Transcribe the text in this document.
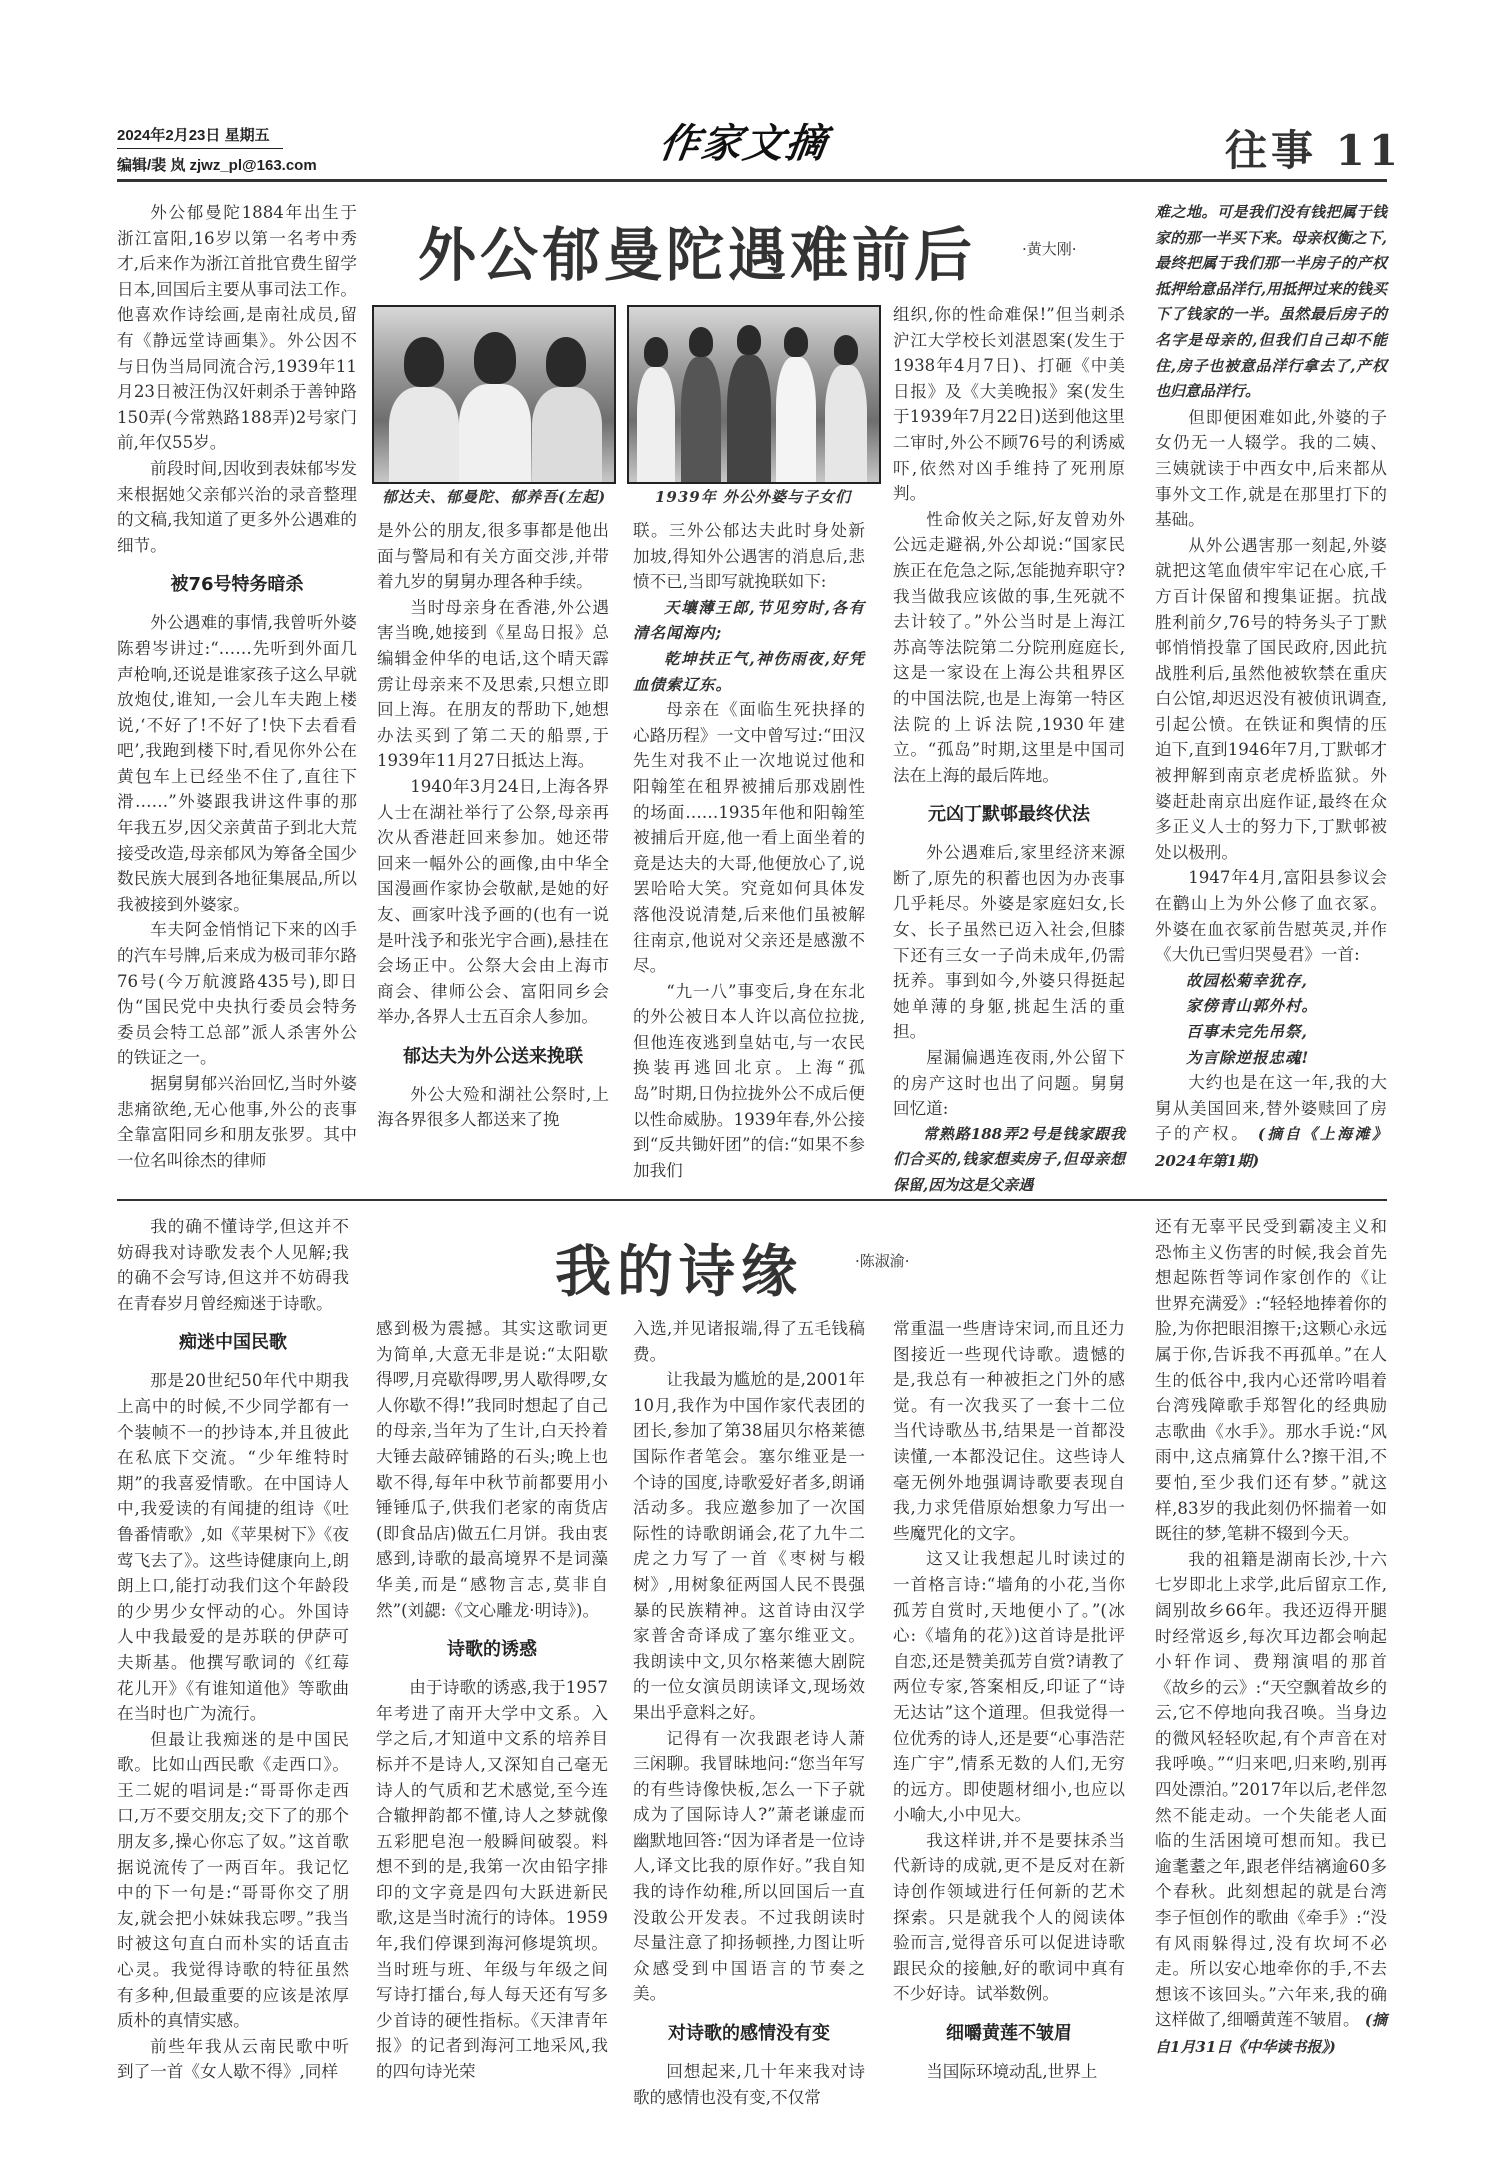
2024年2月23日 星期五
编辑/裴 岚 zjwz_pl@163.com	作家文摘	往事 11
外公郁曼陀遇难前后	·黄大刚·

外公郁曼陀1884年出生于浙江富阳,16岁以第一名考中秀才,后来作为浙江首批官费生留学日本,回国后主要从事司法工作。他喜欢作诗绘画,是南社成员,留有《静远堂诗画集》。外公因不与日伪当局同流合污,1939年11月23日被汪伪汉奸刺杀于善钟路150弄(今常熟路188弄)2号家门前,年仅55岁。

前段时间,因收到表妹郁岑发来根据她父亲郁兴治的录音整理的文稿,我知道了更多外公遇难的细节。

被76号特务暗杀

外公遇难的事情,我曾听外婆陈碧岑讲过:“……先听到外面几声枪响,还说是谁家孩子这么早就放炮仗,谁知,一会儿车夫跑上楼说,‘不好了!不好了!快下去看看吧’,我跑到楼下时,看见你外公在黄包车上已经坐不住了,直往下滑……”外婆跟我讲这件事的那年我五岁,因父亲黄苗子到北大荒接受改造,母亲郁风为筹备全国少数民族大展到各地征集展品,所以我被接到外婆家。

车夫阿金悄悄记下来的凶手的汽车号牌,后来成为极司菲尔路76号(今万航渡路435号),即日伪“国民党中央执行委员会特务委员会特工总部”派人杀害外公的铁证之一。

据舅舅郁兴治回忆,当时外婆悲痛欲绝,无心他事,外公的丧事全靠富阳同乡和朋友张罗。其中一位名叫徐杰的律师

郁达夫、郁曼陀、郁养吾(左起)	1939年 外公外婆与子女们

是外公的朋友,很多事都是他出面与警局和有关方面交涉,并带着九岁的舅舅办理各种手续。

当时母亲身在香港,外公遇害当晚,她接到《星岛日报》总编辑金仲华的电话,这个晴天霹雳让母亲来不及思索,只想立即回上海。在朋友的帮助下,她想办法买到了第二天的船票,于1939年11月27日抵达上海。

1940年3月24日,上海各界人士在湖社举行了公祭,母亲再次从香港赶回来参加。她还带回来一幅外公的画像,由中华全国漫画作家协会敬献,是她的好友、画家叶浅予画的(也有一说是叶浅予和张光宇合画),悬挂在会场正中。公祭大会由上海市商会、律师公会、富阳同乡会举办,各界人士五百余人参加。

郁达夫为外公送来挽联

外公大殓和湖社公祭时,上海各界很多人都送来了挽

联。三外公郁达夫此时身处新加坡,得知外公遇害的消息后,悲愤不已,当即写就挽联如下:

天壤薄王郎,节见穷时,各有清名闻海内;

乾坤扶正气,神伤雨夜,好凭血债索辽东。

母亲在《面临生死抉择的心路历程》一文中曾写过:“田汉先生对我不止一次地说过他和阳翰笙在租界被捕后那戏剧性的场面……1935年他和阳翰笙被捕后开庭,他一看上面坐着的竟是达夫的大哥,他便放心了,说罢哈哈大笑。究竟如何具体发落他没说清楚,后来他们虽被解往南京,他说对父亲还是感激不尽。

“九一八”事变后,身在东北的外公被日本人许以高位拉拢,但他连夜逃到皇姑屯,与一农民换装再逃回北京。上海“孤岛”时期,日伪拉拢外公不成后便以性命威胁。1939年春,外公接到“反共锄奸团”的信:“如果不参加我们

组织,你的性命难保!”但当刺杀沪江大学校长刘湛恩案(发生于1938年4月7日)、打砸《中美日报》及《大美晚报》案(发生于1939年7月22日)送到他这里二审时,外公不顾76号的利诱威吓,依然对凶手维持了死刑原判。

性命攸关之际,好友曾劝外公远走避祸,外公却说:“国家民族正在危急之际,怎能抛弃职守?我当做我应该做的事,生死就不去计较了。”外公当时是上海江苏高等法院第二分院刑庭庭长,这是一家设在上海公共租界区的中国法院,也是上海第一特区法院的上诉法院,1930年建立。“孤岛”时期,这里是中国司法在上海的最后阵地。

元凶丁默邨最终伏法

外公遇难后,家里经济来源断了,原先的积蓄也因为办丧事几乎耗尽。外婆是家庭妇女,长女、长子虽然已迈入社会,但膝下还有三女一子尚未成年,仍需抚养。事到如今,外婆只得挺起她单薄的身躯,挑起生活的重担。

屋漏偏遇连夜雨,外公留下的房产这时也出了问题。舅舅回忆道:

常熟路188弄2号是钱家跟我们合买的,钱家想卖房子,但母亲想保留,因为这是父亲遇

难之地。可是我们没有钱把属于钱家的那一半买下来。母亲权衡之下,最终把属于我们那一半房子的产权抵押给意品洋行,用抵押过来的钱买下了钱家的一半。虽然最后房子的名字是母亲的,但我们自己却不能住,房子也被意品洋行拿去了,产权也归意品洋行。

但即便困难如此,外婆的子女仍无一人辍学。我的二姨、三姨就读于中西女中,后来都从事外文工作,就是在那里打下的基础。

从外公遇害那一刻起,外婆就把这笔血债牢牢记在心底,千方百计保留和搜集证据。抗战胜利前夕,76号的特务头子丁默邨悄悄投靠了国民政府,因此抗战胜利后,虽然他被软禁在重庆白公馆,却迟迟没有被侦讯调查,引起公愤。在铁证和舆情的压迫下,直到1946年7月,丁默邨才被押解到南京老虎桥监狱。外婆赶赴南京出庭作证,最终在众多正义人士的努力下,丁默邨被处以极刑。

1947年4月,富阳县参议会在鹳山上为外公修了血衣冢。外婆在血衣冢前告慰英灵,并作《大仇已雪归哭曼君》一首:

故园松菊幸犹存,

家傍青山郭外村。

百事未完先吊祭,

为言除逆报忠魂!

大约也是在这一年,我的大舅从美国回来,替外婆赎回了房子的产权。 (摘自《上海滩》2024年第1期)

我的诗缘	·陈淑渝·

我的确不懂诗学,但这并不妨碍我对诗歌发表个人见解;我的确不会写诗,但这并不妨碍我在青春岁月曾经痴迷于诗歌。

痴迷中国民歌

那是20世纪50年代中期我上高中的时候,不少同学都有一个装帧不一的抄诗本,并且彼此在私底下交流。“少年维特时期”的我喜爱情歌。在中国诗人中,我爱读的有闻捷的组诗《吐鲁番情歌》,如《苹果树下》《夜莺飞去了》。这些诗健康向上,朗朗上口,能打动我们这个年龄段的少男少女怦动的心。外国诗人中我最爱的是苏联的伊萨可夫斯基。他撰写歌词的《红莓花儿开》《有谁知道他》等歌曲在当时也广为流行。

但最让我痴迷的是中国民歌。比如山西民歌《走西口》。王二妮的唱词是:“哥哥你走西口,万不要交朋友;交下了的那个朋友多,操心你忘了奴。”这首歌据说流传了一两百年。我记忆中的下一句是:“哥哥你交了朋友,就会把小妹妹我忘啰。”我当时被这句直白而朴实的话直击心灵。我觉得诗歌的特征虽然有多种,但最重要的应该是浓厚质朴的真情实感。

前些年我从云南民歌中听到了一首《女人歇不得》,同样

感到极为震撼。其实这歌词更为简单,大意无非是说:“太阳歇得啰,月亮歇得啰,男人歇得啰,女人你歇不得!”我同时想起了自己的母亲,当年为了生计,白天拎着大锤去敲碎铺路的石头;晚上也歇不得,每年中秋节前都要用小锤锤瓜子,供我们老家的南货店(即食品店)做五仁月饼。我由衷感到,诗歌的最高境界不是词藻华美,而是“感物言志,莫非自然”(刘勰:《文心雕龙·明诗》)。

诗歌的诱惑

由于诗歌的诱惑,我于1957年考进了南开大学中文系。入学之后,才知道中文系的培养目标并不是诗人,又深知自己毫无诗人的气质和艺术感觉,至今连合辙押韵都不懂,诗人之梦就像五彩肥皂泡一般瞬间破裂。料想不到的是,我第一次由铅字排印的文字竟是四句大跃进新民歌,这是当时流行的诗体。1959年,我们停课到海河修堤筑坝。当时班与班、年级与年级之间写诗打擂台,每人每天还有写多少首诗的硬性指标。《天津青年报》的记者到海河工地采风,我的四句诗光荣

入选,并见诸报端,得了五毛钱稿费。

让我最为尴尬的是,2001年10月,我作为中国作家代表团的团长,参加了第38届贝尔格莱德国际作者笔会。塞尔维亚是一个诗的国度,诗歌爱好者多,朗诵活动多。我应邀参加了一次国际性的诗歌朗诵会,花了九牛二虎之力写了一首《枣树与椴树》,用树象征两国人民不畏强暴的民族精神。这首诗由汉学家普舍奇译成了塞尔维亚文。我朗读中文,贝尔格莱德大剧院的一位女演员朗读译文,现场效果出乎意料之好。

记得有一次我跟老诗人萧三闲聊。我冒昧地问:“您当年写的有些诗像快板,怎么一下子就成为了国际诗人?”萧老谦虚而幽默地回答:“因为译者是一位诗人,译文比我的原作好。”我自知我的诗作幼稚,所以回国后一直没敢公开发表。不过我朗读时尽量注意了抑扬顿挫,力图让听众感受到中国语言的节奏之美。

对诗歌的感情没有变

回想起来,几十年来我对诗歌的感情也没有变,不仅常

常重温一些唐诗宋词,而且还力图接近一些现代诗歌。遗憾的是,我总有一种被拒之门外的感觉。有一次我买了一套十二位当代诗歌丛书,结果是一首都没读懂,一本都没记住。这些诗人毫无例外地强调诗歌要表现自我,力求凭借原始想象力写出一些魔咒化的文字。

这又让我想起儿时读过的一首格言诗:“墙角的小花,当你孤芳自赏时,天地便小了。”(冰心:《墙角的花》)这首诗是批评自恋,还是赞美孤芳自赏?请教了两位专家,答案相反,印证了“诗无达诂”这个道理。但我觉得一位优秀的诗人,还是要“心事浩茫连广宇”,情系无数的人们,无穷的远方。即使题材细小,也应以小喻大,小中见大。

我这样讲,并不是要抹杀当代新诗的成就,更不是反对在新诗创作领域进行任何新的艺术探索。只是就我个人的阅读体验而言,觉得音乐可以促进诗歌跟民众的接触,好的歌词中真有不少好诗。试举数例。

细嚼黄莲不皱眉

当国际环境动乱,世界上

还有无辜平民受到霸凌主义和恐怖主义伤害的时候,我会首先想起陈哲等词作家创作的《让世界充满爱》:“轻轻地捧着你的脸,为你把眼泪擦干;这颗心永远属于你,告诉我不再孤单。”在人生的低谷中,我内心还常吟唱着台湾残障歌手郑智化的经典励志歌曲《水手》。那水手说:“风雨中,这点痛算什么?擦干泪,不要怕,至少我们还有梦。”就这样,83岁的我此刻仍怀揣着一如既往的梦,笔耕不辍到今天。

我的祖籍是湖南长沙,十六七岁即北上求学,此后留京工作,阔别故乡66年。我还迈得开腿时经常返乡,每次耳边都会响起小轩作词、费翔演唱的那首《故乡的云》:“天空飘着故乡的云,它不停地向我召唤。当身边的微风轻轻吹起,有个声音在对我呼唤。”“归来吧,归来哟,别再四处漂泊。”2017年以后,老伴忽然不能走动。一个失能老人面临的生活困境可想而知。我已逾耄耋之年,跟老伴结褵逾60多个春秋。此刻想起的就是台湾李子恒创作的歌曲《牵手》:“没有风雨躲得过,没有坎坷不必走。所以安心地牵你的手,不去想该不该回头。”六年来,我的确这样做了,细嚼黄莲不皱眉。 (摘自1月31日《中华读书报》)
